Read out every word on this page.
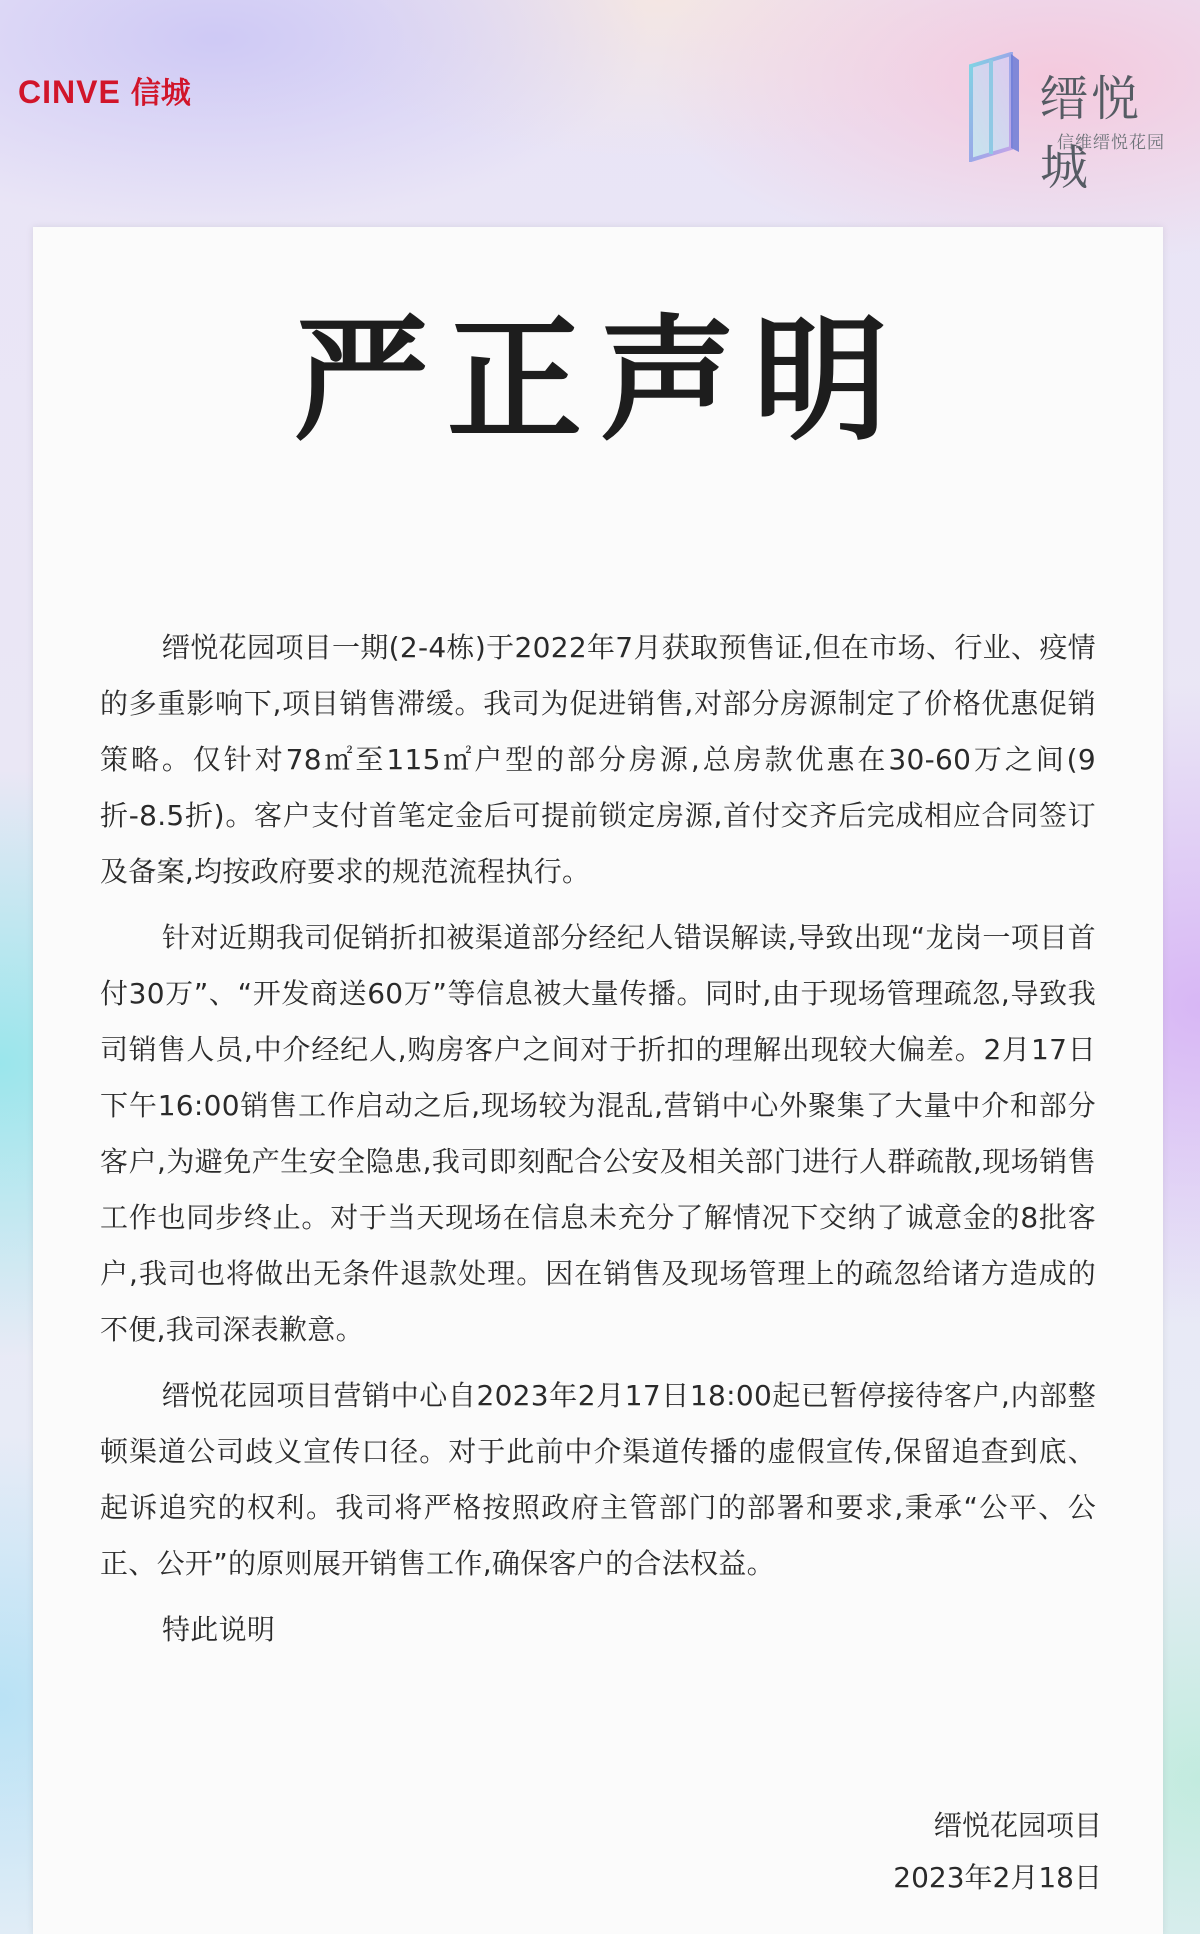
CINVE 信城	缙悦城
信维缙悦花园
严正声明

缙悦花园项目一期(2-4栋)于2022年7月获取预售证,但在市场、行业、疫情的多重影响下,项目销售滞缓。我司为促进销售,对部分房源制定了价格优惠促销策略。仅针对78㎡至115㎡户型的部分房源,总房款优惠在30-60万之间(9折-8.5折)。客户支付首笔定金后可提前锁定房源,首付交齐后完成相应合同签订及备案,均按政府要求的规范流程执行。

针对近期我司促销折扣被渠道部分经纪人错误解读,导致出现“龙岗一项目首付30万”、“开发商送60万”等信息被大量传播。同时,由于现场管理疏忽,导致我司销售人员,中介经纪人,购房客户之间对于折扣的理解出现较大偏差。2月17日下午16:00销售工作启动之后,现场较为混乱,营销中心外聚集了大量中介和部分客户,为避免产生安全隐患,我司即刻配合公安及相关部门进行人群疏散,现场销售工作也同步终止。对于当天现场在信息未充分了解情况下交纳了诚意金的8批客户,我司也将做出无条件退款处理。因在销售及现场管理上的疏忽给诸方造成的不便,我司深表歉意。

缙悦花园项目营销中心自2023年2月17日18:00起已暂停接待客户,内部整顿渠道公司歧义宣传口径。对于此前中介渠道传播的虚假宣传,保留追查到底、起诉追究的权利。我司将严格按照政府主管部门的部署和要求,秉承“公平、公正、公开”的原则展开销售工作,确保客户的合法权益。

特此说明

缙悦花园项目
2023年2月18日
